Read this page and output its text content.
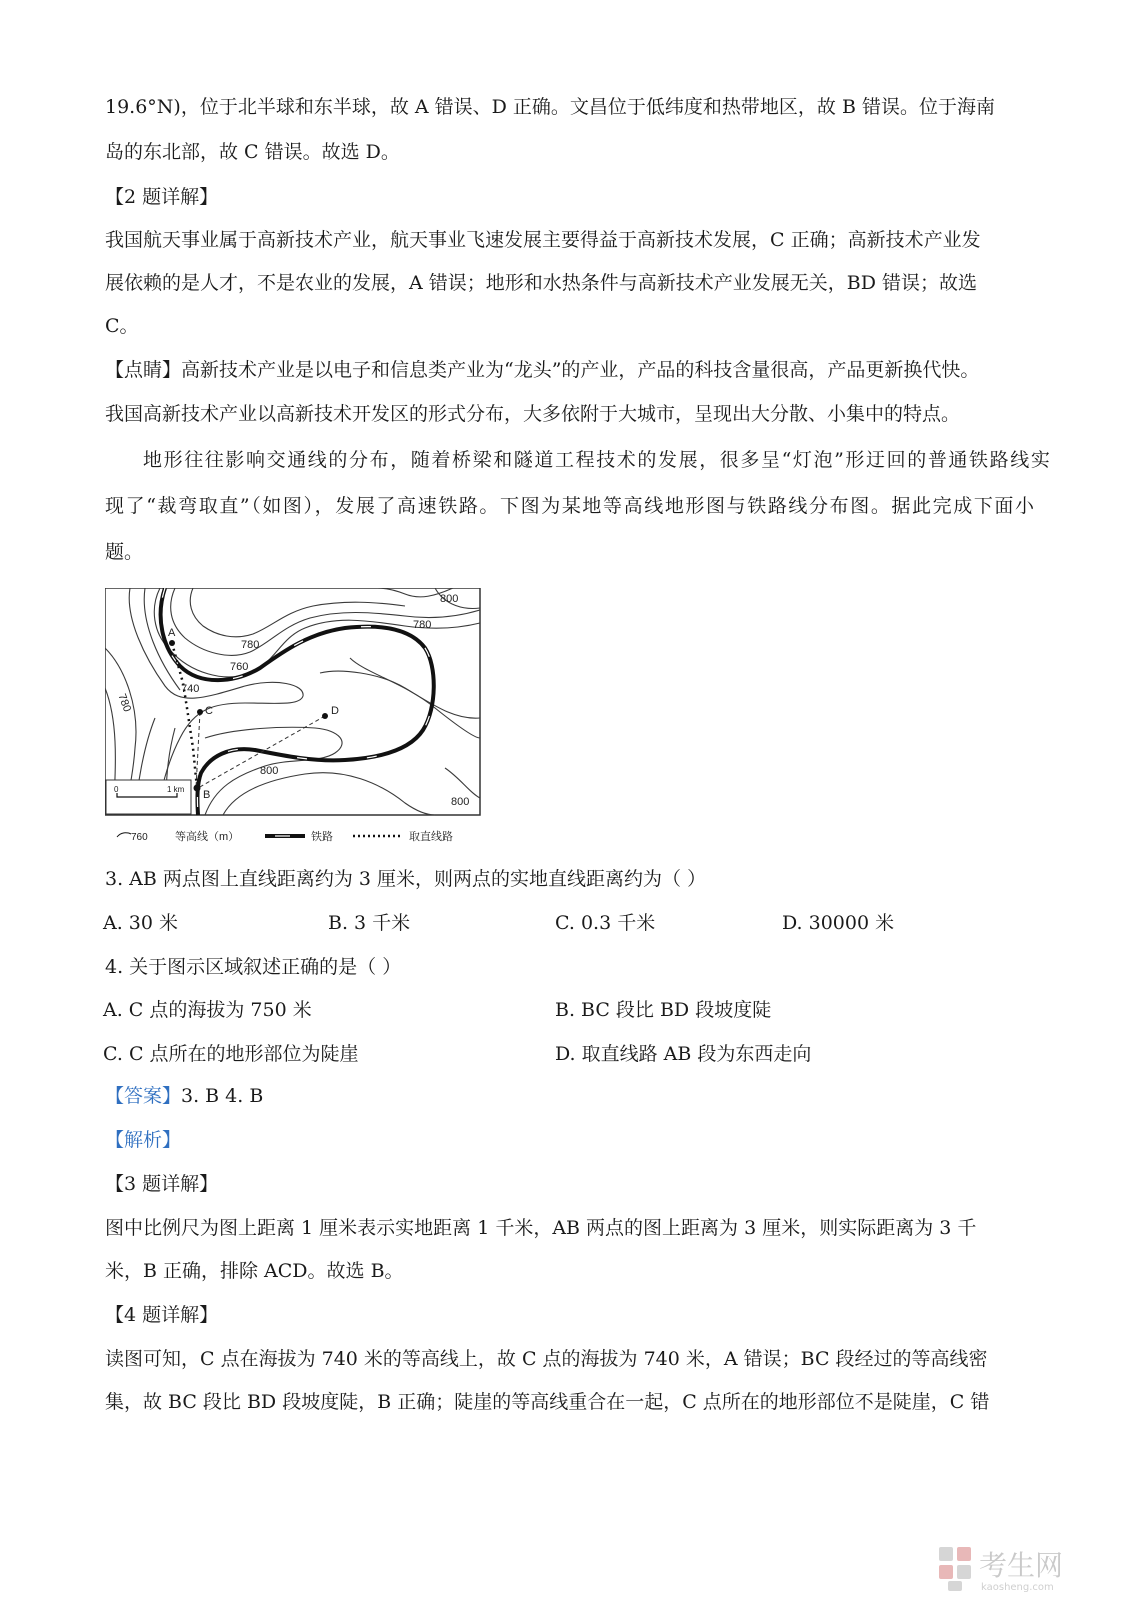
19.6°N)，位于北半球和东半球，故 A 错误、D 正确。文昌位于低纬度和热带地区，故 B 错误。位于海南
岛的东北部，故 C 错误。故选 D。
【2 题详解】
我国航天事业属于高新技术产业，航天事业飞速发展主要得益于高新技术发展，C 正确；高新技术产业发
展依赖的是人才，不是农业的发展，A 错误；地形和水热条件与高新技术产业发展无关，BD 错误；故选
C。
【点睛】高新技术产业是以电子和信息类产业为“龙头”的产业，产品的科技含量很高，产品更新换代快。
我国高新技术产业以高新技术开发区的形式分布，大多依附于大城市，呈现出大分散、小集中的特点。
地形往往影响交通线的分布，随着桥梁和隧道工程技术的发展，很多呈“灯泡”形迂回的普通铁路线实
现了“裁弯取直”（如图），发展了高速铁路。下图为某地等高线地形图与铁路线分布图。据此完成下面小
题。
A
B
C	D
800
780
780
760
740
780
800
800
0	1 km
760 等高线（m）	铁路	取直线路
3. AB 两点图上直线距离约为 3 厘米，则两点的实地直线距离约为（ ）
A. 30 米	B. 3 千米	C. 0.3 千米	D. 30000 米
4. 关于图示区域叙述正确的是（ ）
A. C 点的海拔为 750 米	B. BC 段比 BD 段坡度陡
C. C 点所在的地形部位为陡崖	D. 取直线路 AB 段为东西走向
【答案】3. B 4. B
【解析】
【3 题详解】
图中比例尺为图上距离 1 厘米表示实地距离 1 千米，AB 两点的图上距离为 3 厘米，则实际距离为 3 千
米，B 正确，排除 ACD。故选 B。
【4 题详解】
读图可知，C 点在海拔为 740 米的等高线上，故 C 点的海拔为 740 米，A 错误；BC 段经过的等高线密
集，故 BC 段比 BD 段坡度陡，B 正确；陡崖的等高线重合在一起，C 点所在的地形部位不是陡崖，C 错
考生网
kaosheng.com
